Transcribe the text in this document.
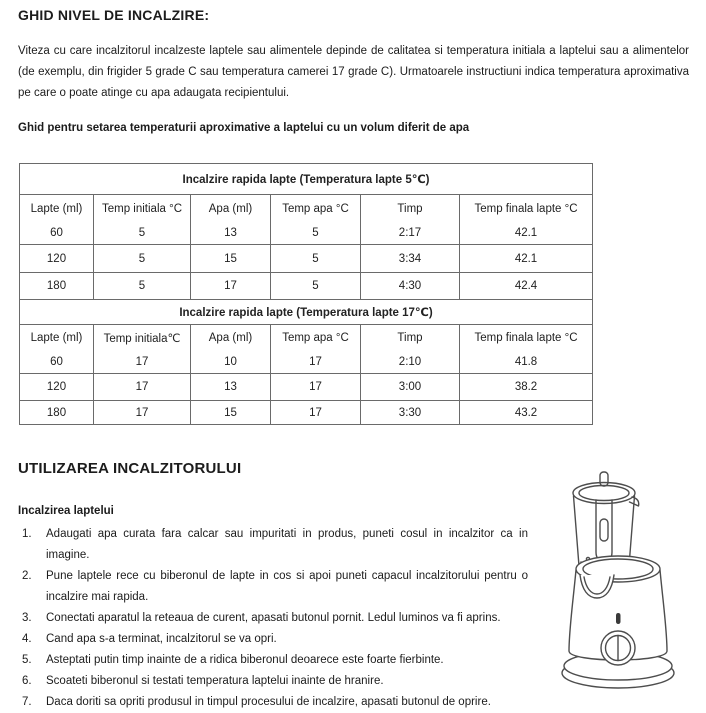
GHID NIVEL DE INCALZIRE:
Viteza cu care incalzitorul incalzeste laptele sau alimentele depinde de calitatea si temperatura initiala a laptelui sau a alimentelor (de exemplu, din frigider 5 grade C sau temperatura camerei 17 grade C). Urmatoarele instructiuni indica temperatura aproximativa pe care o poate atinge cu apa adaugata recipientului.
Ghid pentru setarea temperaturii aproximative a laptelui cu un volum diferit de apa
Incalzire rapida lapte (Temperatura lapte 5℃)					
Lapte (ml)	Temp initiala °C	Apa (ml)	Temp apa °C	Timp	Temp finala lapte °C
60	5	13	5	2:17	42.1
120	5	15	5	3:34	42.1
180	5	17	5	4:30	42.4
Incalzire rapida lapte (Temperatura lapte 17℃)					
Lapte (ml)	Temp initiala℃	Apa (ml)	Temp apa °C	Timp	Temp finala lapte °C
60	17	10	17	2:10	41.8
120	17	13	17	3:00	38.2
180	17	15	17	3:30	43.2
UTILIZAREA INCALZITORULUI
Incalzirea laptelui
1.	Adaugati apa curata fara calcar sau impuritati in produs, puneti cosul in incalzitor ca in imagine.
2.	Pune laptele rece cu biberonul de lapte in cos si apoi puneti capacul incalzitorului pentru o incalzire mai rapida.
3.	Conectati aparatul la reteaua de curent, apasati butonul pornit. Ledul luminos va fi aprins.
4.	Cand apa s-a terminat, incalzitorul se va opri.
5.	Asteptati putin timp inainte de a ridica biberonul deoarece este foarte fierbinte.
6.	Scoateti biberonul si testati temperatura laptelui inainte de hranire.
7.	Daca doriti sa opriti produsul in timpul procesului de incalzire, apasati butonul de oprire.
